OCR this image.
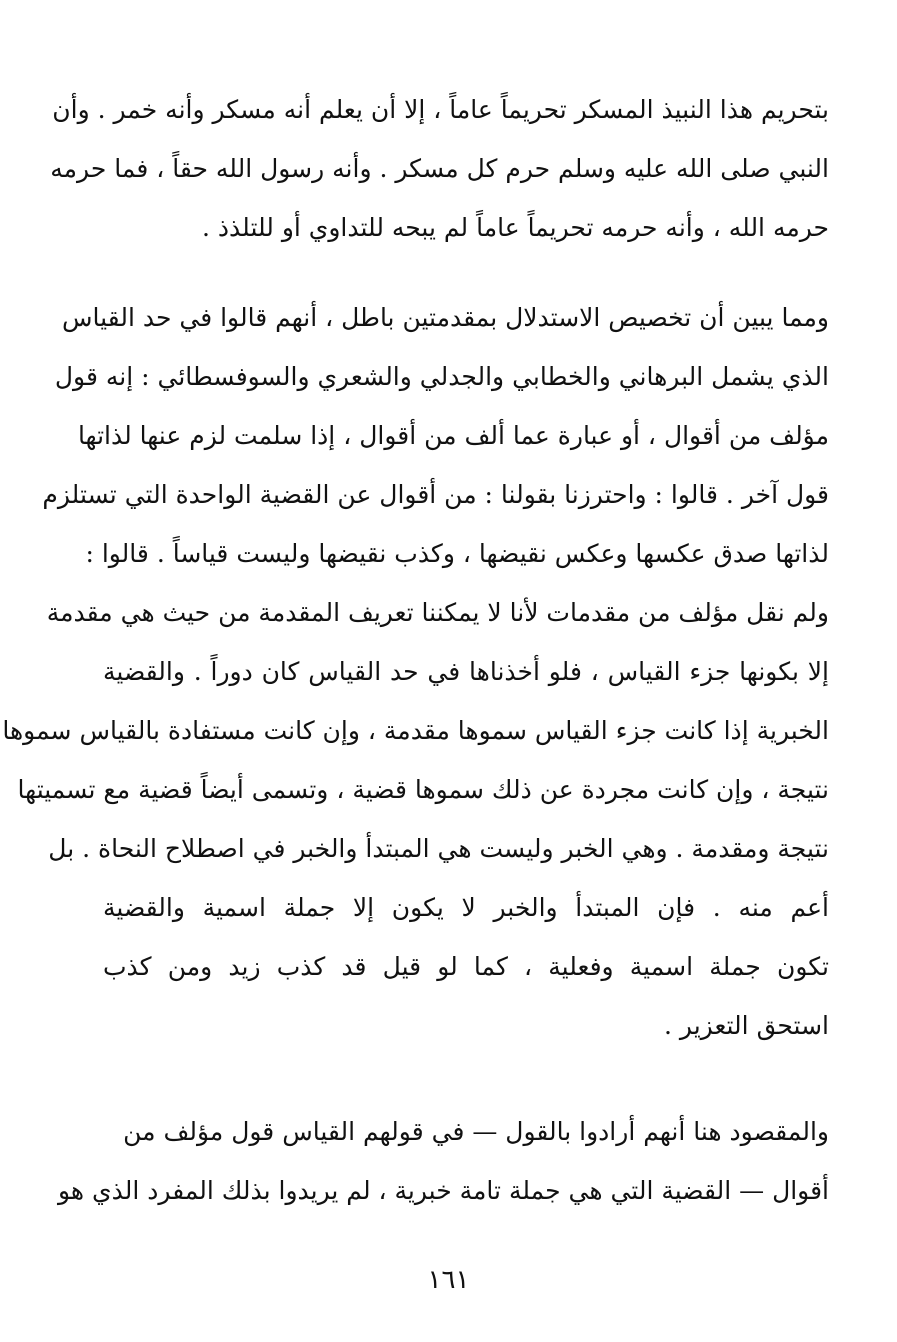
بتحريم هذا النبيذ المسكر تحريماً عاماً ، إلا أن يعلم أنه مسكر وأنه خمر . وأن
النبي صلى الله عليه وسلم حرم كل مسكر . وأنه رسول الله حقاً ، فما حرمه
حرمه الله ، وأنه حرمه تحريماً عاماً لم يبحه للتداوي أو للتلذذ .
ومما يبين أن تخصيص الاستدلال بمقدمتين باطل ، أنهم قالوا في حد القياس
الذي يشمل البرهاني والخطابي والجدلي والشعري والسوفسطائي : إنه قول
مؤلف من أقوال ، أو عبارة عما ألف من أقوال ، إذا سلمت لزم عنها لذاتها
قول آخر . قالوا : واحترزنا بقولنا : من أقوال عن القضية الواحدة التي تستلزم
لذاتها صدق عكسها وعكس نقيضها ، وكذب نقيضها وليست قياساً . قالوا :
ولم نقل مؤلف من مقدمات لأنا لا يمكننا تعريف المقدمة من حيث هي مقدمة
إلا بكونها جزء القياس ، فلو أخذناها في حد القياس كان دوراً . والقضية
الخبرية إذا كانت جزء القياس سموها مقدمة ، وإن كانت مستفادة بالقياس سموها
نتيجة ، وإن كانت مجردة عن ذلك سموها قضية ، وتسمى أيضاً قضية مع تسميتها
نتيجة ومقدمة . وهي الخبر وليست هي المبتدأ والخبر في اصطلاح النحاة . بل
أعم منه . فإن المبتدأ والخبر لا يكون إلا جملة اسمية والقضية
تكون جملة اسمية وفعلية ، كما لو قيل قد كذب زيد ومن كذب
استحق التعزير .
والمقصود هنا أنهم أرادوا بالقول — في قولهم القياس قول مؤلف من
أقوال — القضية التي هي جملة تامة خبرية ، لم يريدوا بذلك المفرد الذي هو
١٦١
